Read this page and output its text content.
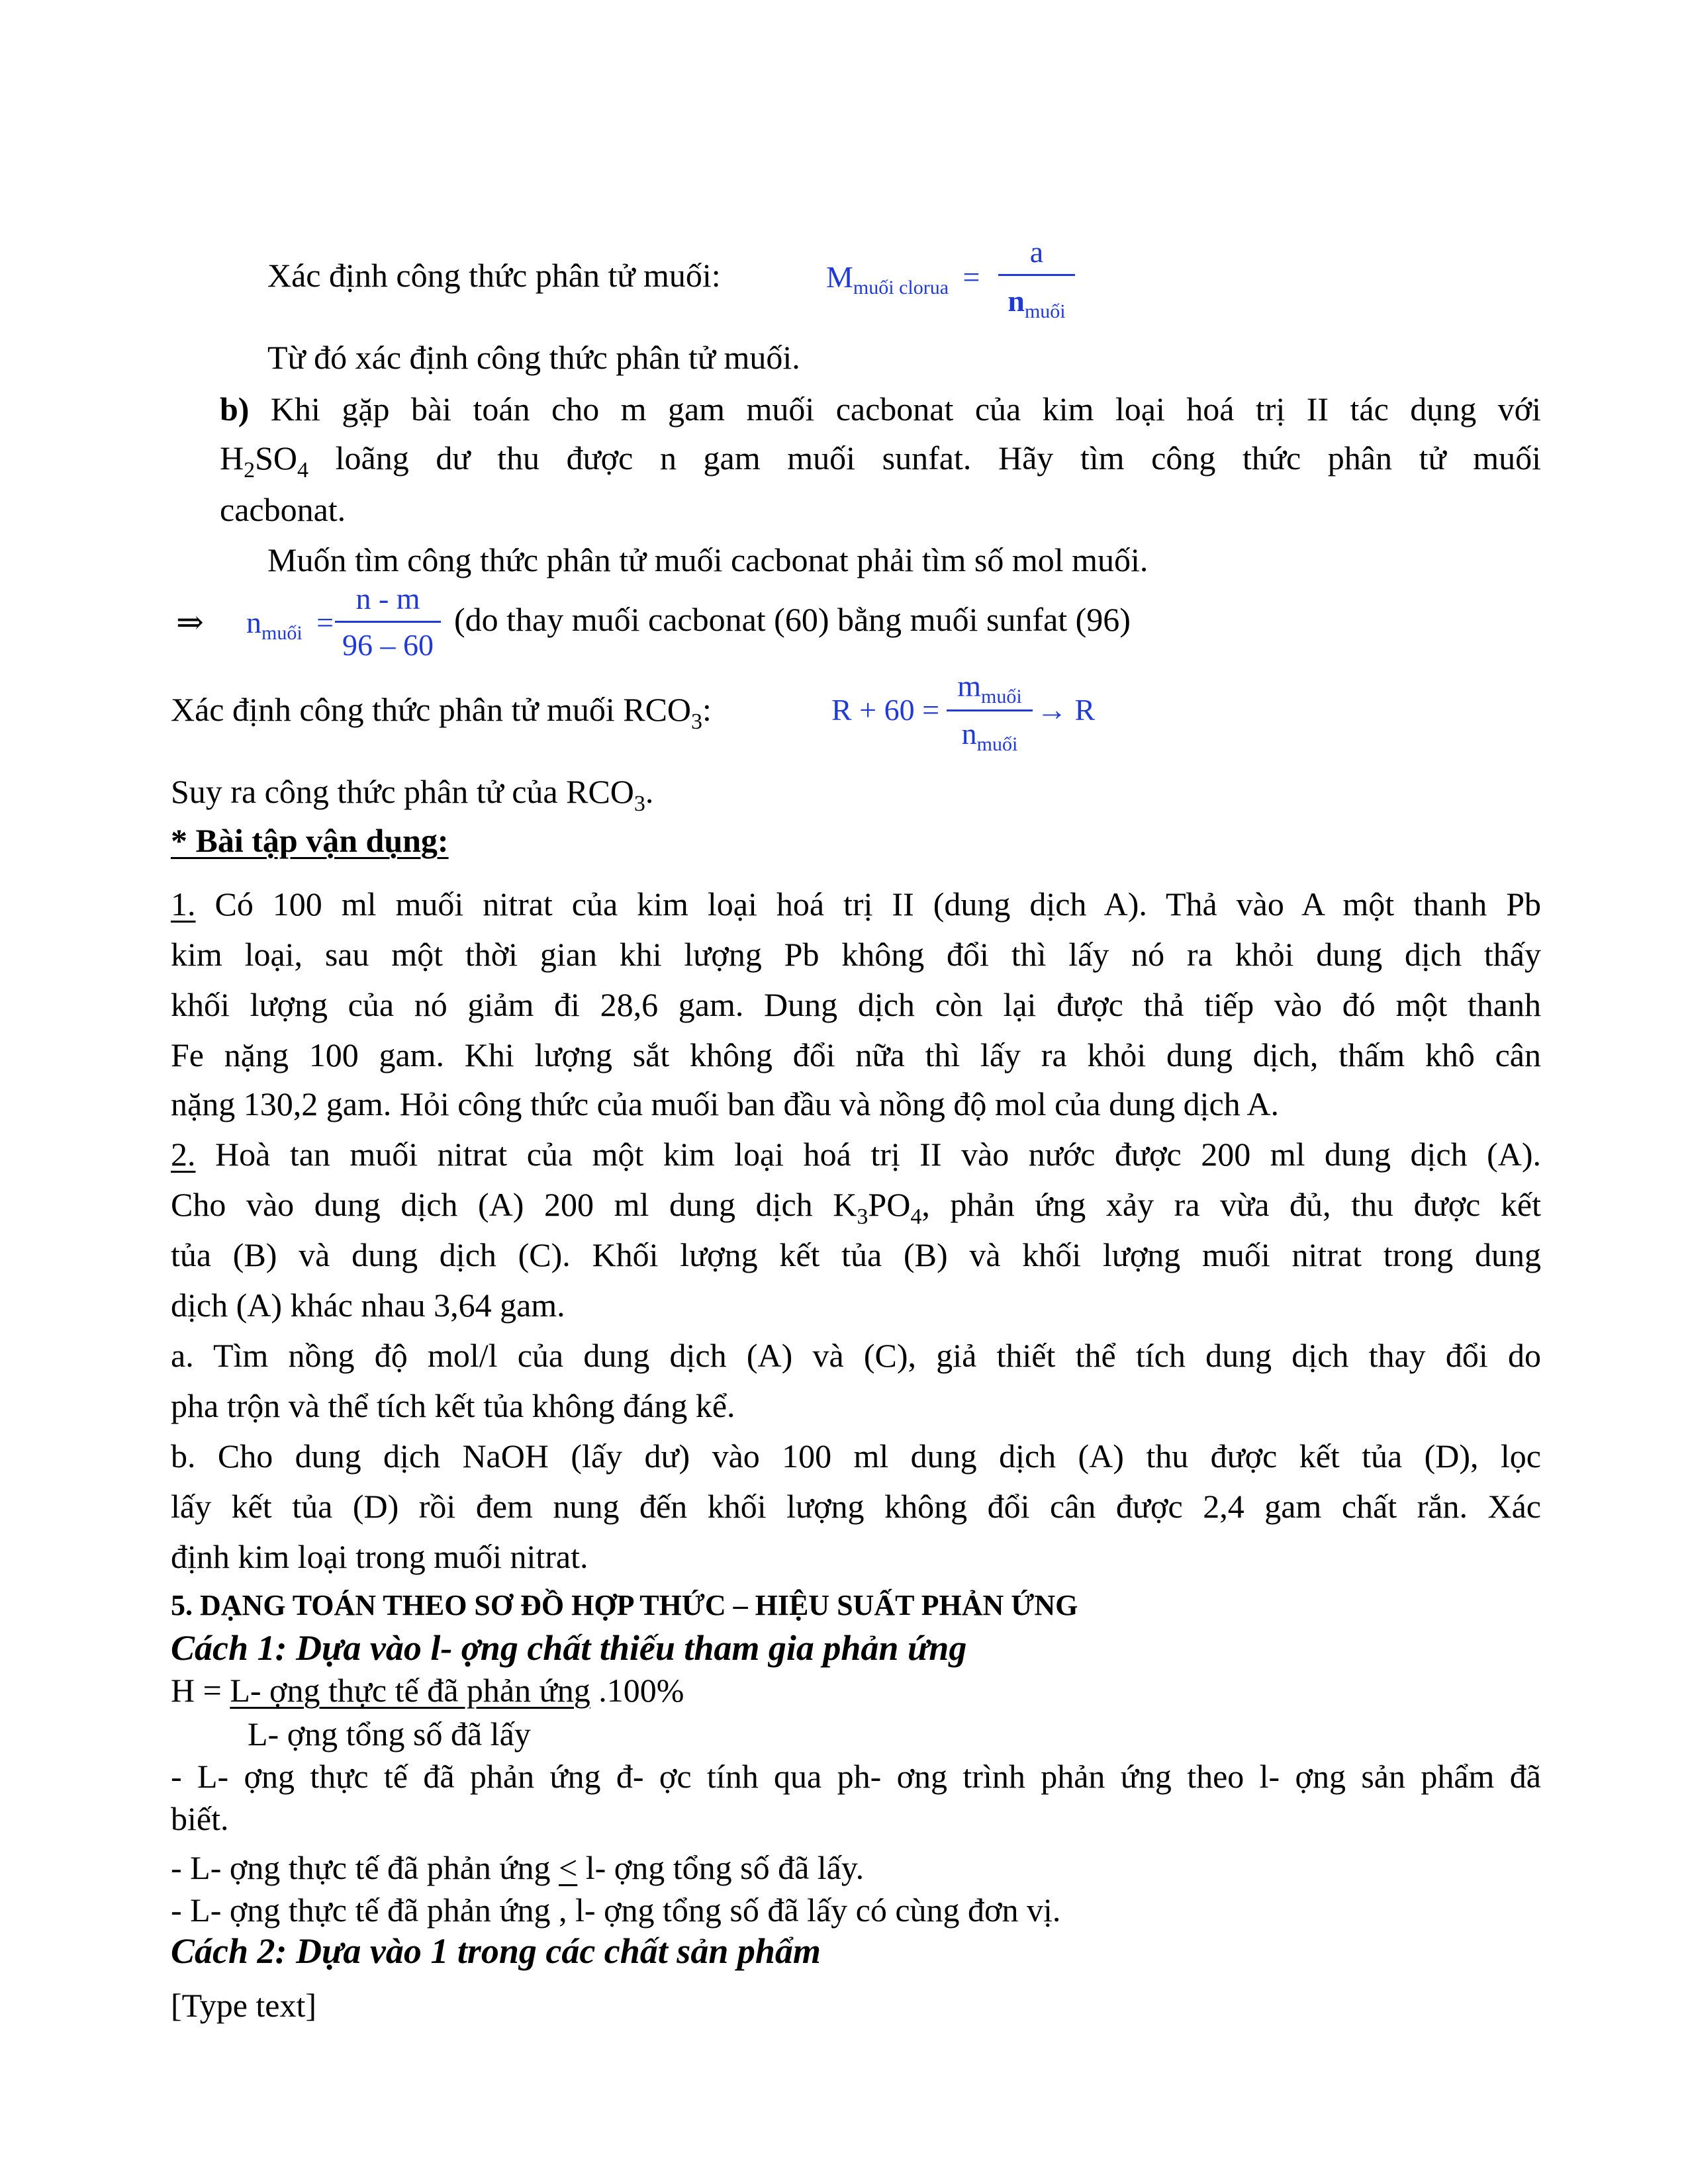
Xác định công thức phân tử muối:	$M_{muối clorua}$ =
a
$n_{muối}$
Từ đó xác định công thức phân tử muối.
b) Khi gặp bài toán cho m gam muối cacbonat của kim loại hoá trị II tác dụng với
$H_2SO_4$ loãng dư thu được n gam muối sunfat. Hãy tìm công thức phân tử muối
cacbonat.
Muốn tìm công thức phân tử muối cacbonat phải tìm số mol muối.
⇒ $n_{muối}$ =
n - m
96 – 60
(do thay muối cacbonat (60) bằng muối sunfat (96)
Xác định công thức phân tử muối $RCO_3$:	R + 60 =
$m_{muối}$
$n_{muối}$
→ R
Suy ra công thức phân tử của $RCO_3$.
* Bài tập vận dụng:
1. Có 100 ml muối nitrat của kim loại hoá trị II (dung dịch A). Thả vào A một thanh Pb
kim loại, sau một thời gian khi lượng Pb không đổi thì lấy nó ra khỏi dung dịch thấy
khối lượng của nó giảm đi 28,6 gam. Dung dịch còn lại được thả tiếp vào đó một thanh
Fe nặng 100 gam. Khi lượng sắt không đổi nữa thì lấy ra khỏi dung dịch, thấm khô cân
nặng 130,2 gam. Hỏi công thức của muối ban đầu và nồng độ mol của dung dịch A.
2. Hoà tan muối nitrat của một kim loại hoá trị II vào nước được 200 ml dung dịch (A).
Cho vào dung dịch (A) 200 ml dung dịch $K_3PO_4$, phản ứng xảy ra vừa đủ, thu được kết
tủa (B) và dung dịch (C). Khối lượng kết tủa (B) và khối lượng muối nitrat trong dung
dịch (A) khác nhau 3,64 gam.
a. Tìm nồng độ mol/l của dung dịch (A) và (C), giả thiết thể tích dung dịch thay đổi do
pha trộn và thể tích kết tủa không đáng kể.
b. Cho dung dịch NaOH (lấy dư) vào 100 ml dung dịch (A) thu được kết tủa (D), lọc
lấy kết tủa (D) rồi đem nung đến khối lượng không đổi cân được 2,4 gam chất rắn. Xác
định kim loại trong muối nitrat.
5. DẠNG TOÁN THEO SƠ ĐỒ HỢP THỨC – HIỆU SUẤT PHẢN ỨNG
Cách 1: Dựa vào l- ợng chất thiếu tham gia phản ứng
H = L- ợng thực tế đã phản ứng .100%
L- ợng tổng số đã lấy
- L- ợng thực tế đã phản ứng đ- ợc tính qua ph- ơng trình phản ứng theo l- ợng sản phẩm đã
biết.
- L- ợng thực tế đã phản ứng < l- ợng tổng số đã lấy.
- L- ợng thực tế đã phản ứng , l- ợng tổng số đã lấy có cùng đơn vị.
Cách 2: Dựa vào 1 trong các chất sản phẩm
[Type text]
